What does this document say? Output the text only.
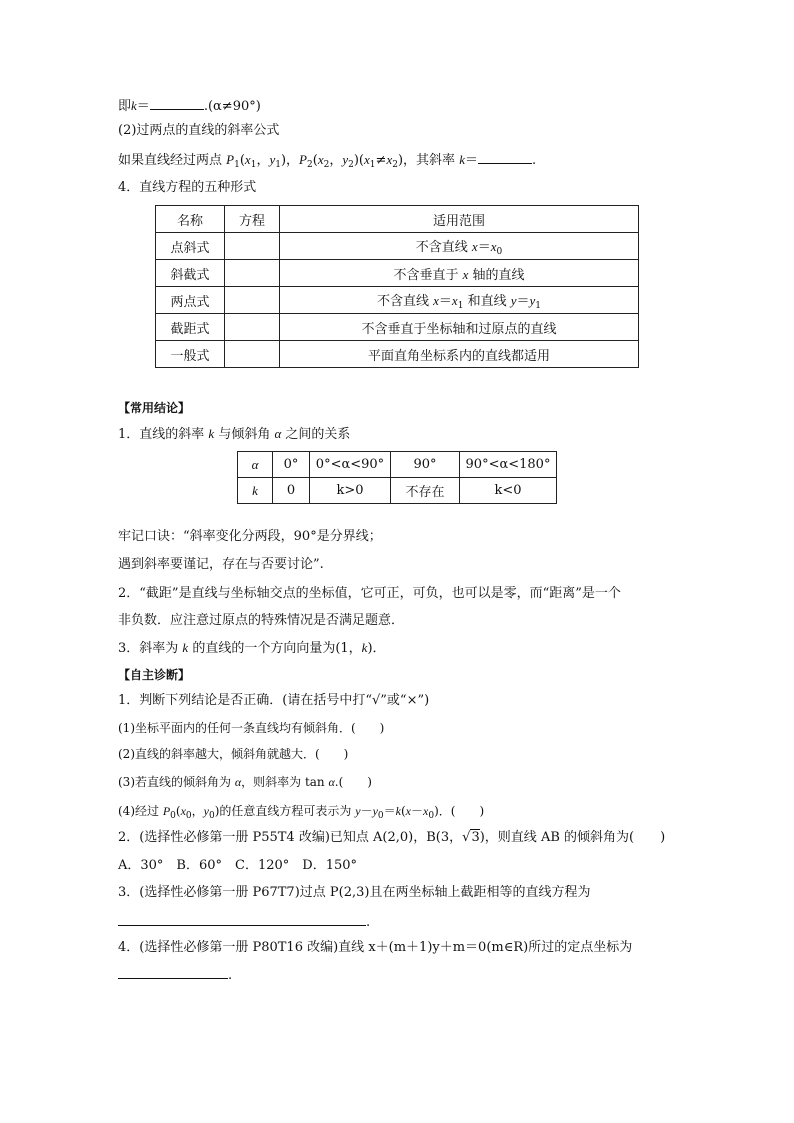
即k＝	.(α≠90°)
(2)过两点的直线的斜率公式
如果直线经过两点 $P_1(x_1$，$y_1$)，$P_2(x_2$，$y_2)(x_1\ne x_2)$，其斜率 k＝	.
4．直线方程的五种形式
名称	方程	适用范围
点斜式		不含直线 $x=x_0$
斜截式		不含垂直于 x 轴的直线
两点式		不含直线 $x=x_1$ 和直线 $y=y_1$
截距式		不含垂直于坐标轴和过原点的直线
一般式		平面直角坐标系内的直线都适用
【常用结论】
1．直线的斜率 k 与倾斜角 α 之间的关系
α	0°	0°<α<90°	90°	90°<α<180°
k	0	k>0	不存在	k<0
牢记口诀：“斜率变化分两段，90°是分界线；
遇到斜率要谨记，存在与否要讨论”.
2．“截距”是直线与坐标轴交点的坐标值，它可正，可负，也可以是零，而“距离”是一个
非负数．应注意过原点的特殊情况是否满足题意．
3．斜率为 k 的直线的一个方向向量为(1，k)．
【自主诊断】
1．判断下列结论是否正确．(请在括号中打“√”或“×”)
(1)坐标平面内的任何一条直线均有倾斜角．(　　)
(2)直线的斜率越大，倾斜角就越大．(　　)
(3)若直线的倾斜角为 α，则斜率为 tan α.(　　)
(4)经过 $P_0(x_0$，$y_0$)的任意直线方程可表示为 $y-y_0=k(x-x_0)$．(　　)
2．(选择性必修第一册 P55T4 改编)已知点 A(2,0)，B(3，√3)，则直线 AB 的倾斜角为(　　)
A．30°　B．60°　C．120°　D．150°
3．(选择性必修第一册 P67T7)过点 P(2,3)且在两坐标轴上截距相等的直线方程为
.
4．(选择性必修第一册 P80T16 改编)直线 x＋(m＋1)y＋m＝0(m∈R)所过的定点坐标为
.
